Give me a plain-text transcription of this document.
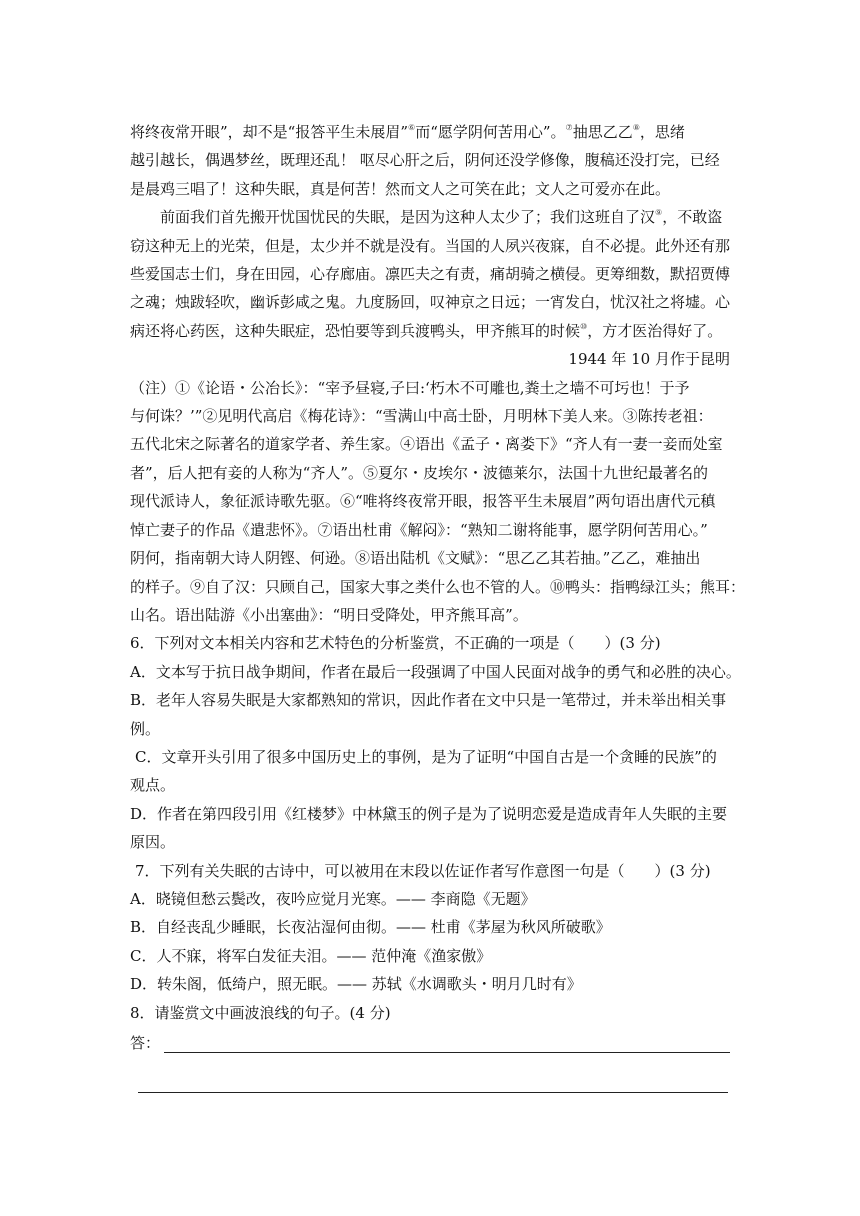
将终夜常开眼”，却不是“报答平生未展眉”⑥而“愿学阴何苦用心”。⑦抽思乙乙⑧，思绪

越引越长，偶遇梦丝，既理还乱！ 呕尽心肝之后，阴何还没学修像，腹稿还没打完，已经

是晨鸡三唱了！这种失眠，真是何苦！然而文人之可笑在此；文人之可爱亦在此。

前面我们首先搬开忧国忧民的失眠，是因为这种人太少了；我们这班自了汉⑨，不敢盗

窃这种无上的光荣，但是，太少并不就是没有。当国的人夙兴夜寐，自不必提。此外还有那

些爱国志士们，身在田园，心存廊庙。凛匹夫之有责，痛胡骑之横侵。更筹细数，默招贾傅

之魂；烛跋轻吹，幽诉彭咸之鬼。九度肠回，叹神京之日远；一宵发白，忧汉社之将墟。心

病还将心药医，这种失眠症，恐怕要等到兵渡鸭头，甲齐熊耳的时候⑩，方才医治得好了。

1944 年 10 月作于昆明

（注）①《论语・公冶长》：“宰予昼寝,子曰:‘朽木不可雕也,粪土之墙不可圬也！于予

与何诛？’”②见明代高启《梅花诗》：“雪满山中高士卧，月明林下美人来。③陈抟老祖：

五代北宋之际著名的道家学者、养生家。④语出《孟子・离娄下》“齐人有一妻一妾而处室

者”，后人把有妾的人称为“齐人”。⑤夏尔・皮埃尔・波德莱尔，法国十九世纪最著名的

现代派诗人，象征派诗歌先驱。⑥“唯将终夜常开眼，报答平生未展眉”两句语出唐代元稹

悼亡妻子的作品《遣悲怀》。⑦语出杜甫《解闷》：“熟知二谢将能事，愿学阴何苦用心。”

阴何，指南朝大诗人阴铿、何逊。⑧语出陆机《文赋》：“思乙乙其若抽。”乙乙，难抽出

的样子。⑨自了汉：只顾自己，国家大事之类什么也不管的人。⑩鸭头：指鸭绿江头；熊耳：

山名。语出陆游《小出塞曲》：“明日受降处，甲齐熊耳高”。

6．下列对文本相关内容和艺术特色的分析鉴赏，不正确的一项是（　　）(3 分)

A．文本写于抗日战争期间，作者在最后一段强调了中国人民面对战争的勇气和必胜的决心。

B．老年人容易失眠是大家都熟知的常识，因此作者在文中只是一笔带过，并未举出相关事

例。

C．文章开头引用了很多中国历史上的事例，是为了证明“中国自古是一个贪睡的民族”的

观点。

D．作者在第四段引用《红楼梦》中林黛玉的例子是为了说明恋爱是造成青年人失眠的主要

原因。

7．下列有关失眠的古诗中，可以被用在末段以佐证作者写作意图一句是（　　）(3 分)

A．晓镜但愁云鬓改，夜吟应觉月光寒。—— 李商隐《无题》

B．自经丧乱少睡眠，长夜沾湿何由彻。—— 杜甫《茅屋为秋风所破歌》

C．人不寐，将军白发征夫泪。—— 范仲淹《渔家傲》

D．转朱阁，低绮户，照无眠。—— 苏轼《水调歌头・明月几时有》

8．请鉴赏文中画波浪线的句子。(4 分)

答：
